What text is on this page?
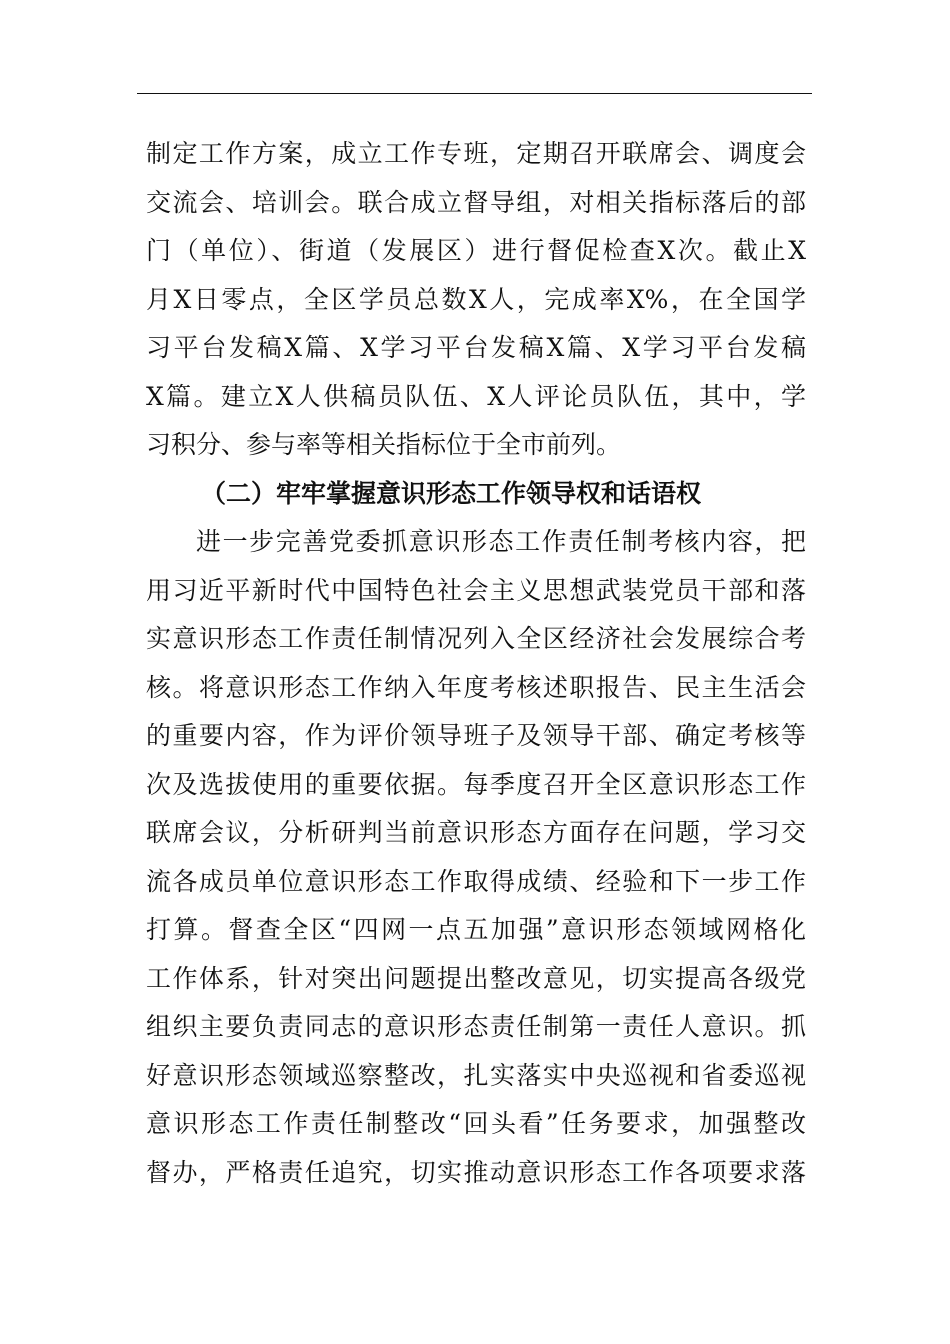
制定工作方案，成立工作专班，定期召开联席会、调度会
交流会、培训会。联合成立督导组，对相关指标落后的部
门（单位）、街道（发展区）进行督促检查X次。截止X
月X日零点，全区学员总数X人，完成率X%，在全国学
习平台发稿X篇、X学习平台发稿X篇、X学习平台发稿
X篇。建立X人供稿员队伍、X人评论员队伍，其中，学
习积分、参与率等相关指标位于全市前列。
（二）牢牢掌握意识形态工作领导权和话语权
进一步完善党委抓意识形态工作责任制考核内容，把
用习近平新时代中国特色社会主义思想武装党员干部和落
实意识形态工作责任制情况列入全区经济社会发展综合考
核。将意识形态工作纳入年度考核述职报告、民主生活会
的重要内容，作为评价领导班子及领导干部、确定考核等
次及选拔使用的重要依据。每季度召开全区意识形态工作
联席会议，分析研判当前意识形态方面存在问题，学习交
流各成员单位意识形态工作取得成绩、经验和下一步工作
打算。督查全区“四网一点五加强”意识形态领域网格化
工作体系，针对突出问题提出整改意见，切实提高各级党
组织主要负责同志的意识形态责任制第一责任人意识。抓
好意识形态领域巡察整改，扎实落实中央巡视和省委巡视
意识形态工作责任制整改“回头看”任务要求，加强整改
督办，严格责任追究，切实推动意识形态工作各项要求落
